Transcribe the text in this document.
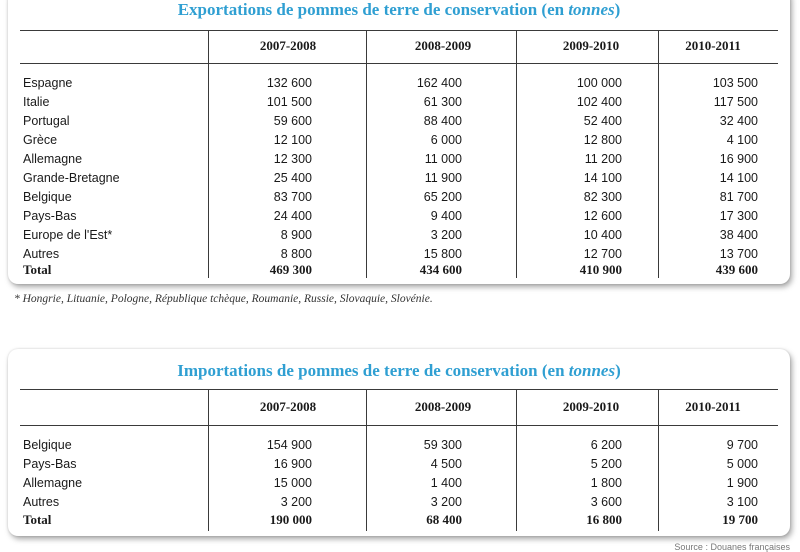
Exportations de pommes de terre de conservation (en tonnes)
2007-2008	2008-2009	2009-2010	2010-2011
Espagne	132 600	162 400	100 000	103 500
Italie	101 500	61 300	102 400	117 500
Portugal	59 600	88 400	52 400	32 400
Grèce	12 100	6 000	12 800	4 100
Allemagne	12 300	11 000	11 200	16 900
Grande-Bretagne	25 400	11 900	14 100	14 100
Belgique	83 700	65 200	82 300	81 700
Pays-Bas	24 400	9 400	12 600	17 300
Europe de l'Est*	8 900	3 200	10 400	38 400
Autres	8 800	15 800	12 700	13 700
Total	469 300	434 600	410 900	439 600
* Hongrie, Lituanie, Pologne, République tchèque, Roumanie, Russie, Slovaquie, Slovénie.
Importations de pommes de terre de conservation (en tonnes)
2007-2008	2008-2009	2009-2010	2010-2011
Belgique	154 900	59 300	6 200	9 700
Pays-Bas	16 900	4 500	5 200	5 000
Allemagne	15 000	1 400	1 800	1 900
Autres	3 200	3 200	3 600	3 100
Total	190 000	68 400	16 800	19 700
Source : Douanes françaises
